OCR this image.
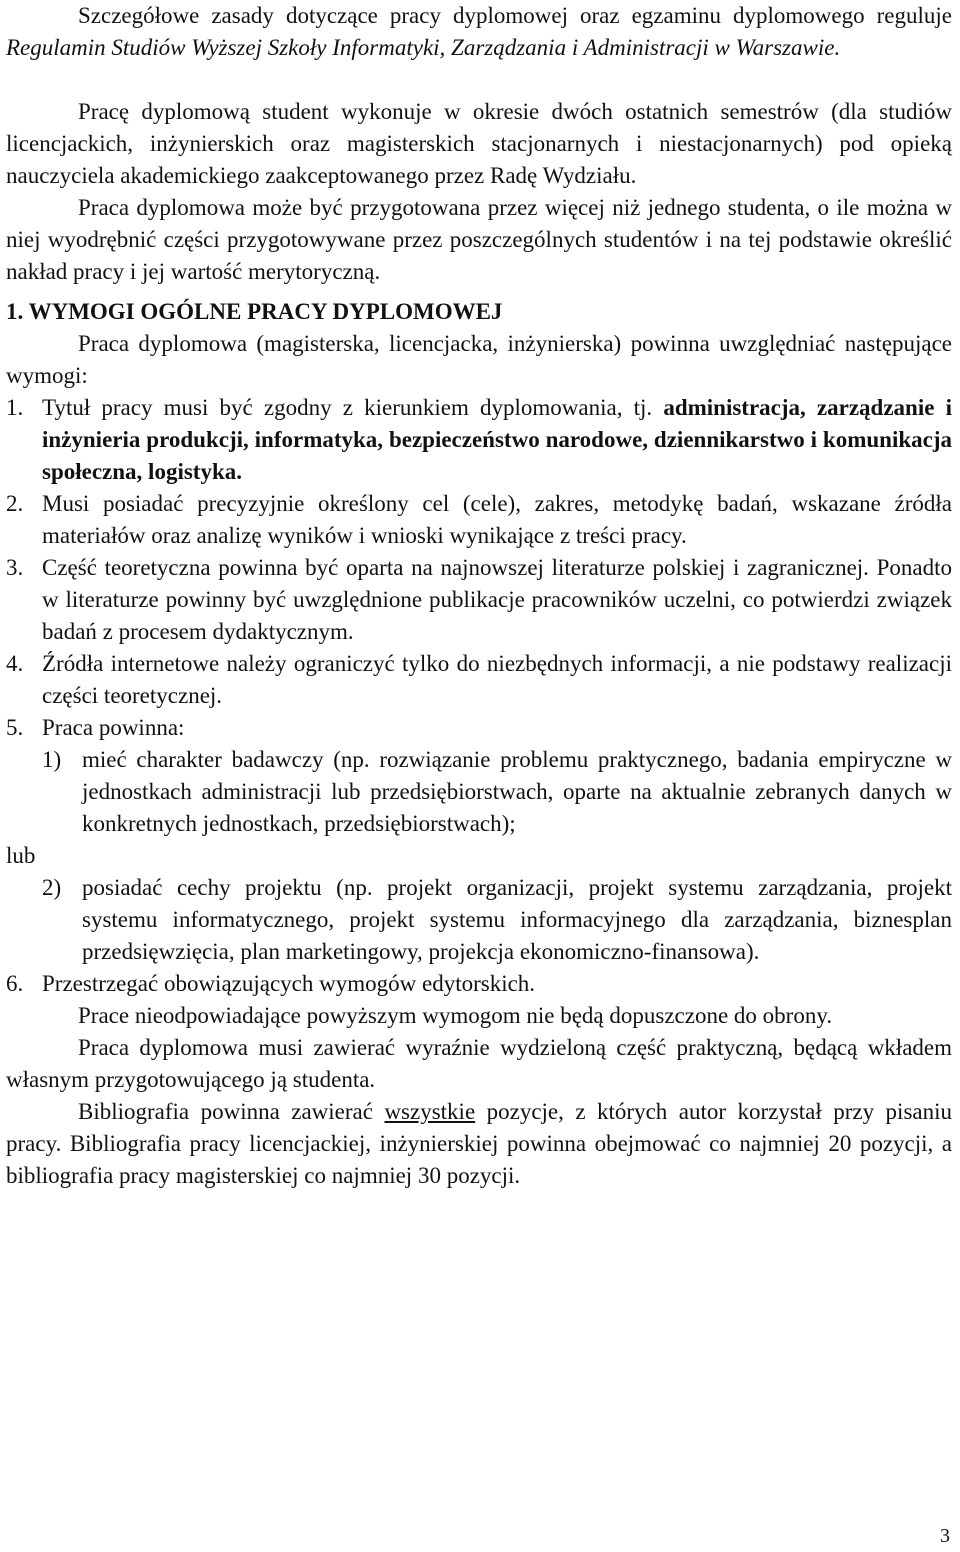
Szczegółowe zasady dotyczące pracy dyplomowej oraz egzaminu dyplomowego reguluje Regulamin Studiów Wyższej Szkoły Informatyki, Zarządzania i Administracji w Warszawie.

Pracę dyplomową student wykonuje w okresie dwóch ostatnich semestrów (dla studiów licencjackich, inżynierskich oraz magisterskich stacjonarnych i niestacjonarnych) pod opieką nauczyciela akademickiego zaakceptowanego przez Radę Wydziału.

Praca dyplomowa może być przygotowana przez więcej niż jednego studenta, o ile można w niej wyodrębnić części przygotowywane przez poszczególnych studentów i na tej podstawie określić nakład pracy i jej wartość merytoryczną.

1. WYMOGI OGÓLNE PRACY DYPLOMOWEJ

Praca dyplomowa (magisterska, licencjacka, inżynierska) powinna uwzględniać następujące wymogi:

1. Tytuł pracy musi być zgodny z kierunkiem dyplomowania, tj. administracja, zarządzanie i inżynieria produkcji, informatyka, bezpieczeństwo narodowe, dziennikarstwo i komunikacja społeczna, logistyka.
2. Musi posiadać precyzyjnie określony cel (cele), zakres, metodykę badań, wskazane źródła materiałów oraz analizę wyników i wnioski wynikające z treści pracy.
3. Część teoretyczna powinna być oparta na najnowszej literaturze polskiej i zagranicznej. Ponadto w literaturze powinny być uwzględnione publikacje pracowników uczelni, co potwierdzi związek badań z procesem dydaktycznym.
4. Źródła internetowe należy ograniczyć tylko do niezbędnych informacji, a nie podstawy realizacji części teoretycznej.
5. Praca powinna:
1) mieć charakter badawczy (np. rozwiązanie problemu praktycznego, badania empiryczne w jednostkach administracji lub przedsiębiorstwach, oparte na aktualnie zebranych danych w konkretnych jednostkach, przedsiębiorstwach);

lub

2) posiadać cechy projektu (np. projekt organizacji, projekt systemu zarządzania, projekt systemu informatycznego, projekt systemu informacyjnego dla zarządzania, biznesplan przedsięwzięcia, plan marketingowy, projekcja ekonomiczno-finansowa).
6. Przestrzegać obowiązujących wymogów edytorskich.

Prace nieodpowiadające powyższym wymogom nie będą dopuszczone do obrony.

Praca dyplomowa musi zawierać wyraźnie wydzieloną część praktyczną, będącą wkładem własnym przygotowującego ją studenta.

Bibliografia powinna zawierać wszystkie pozycje, z których autor korzystał przy pisaniu pracy. Bibliografia pracy licencjackiej, inżynierskiej powinna obejmować co najmniej 20 pozycji, a bibliografia pracy magisterskiej co najmniej 30 pozycji.

3
